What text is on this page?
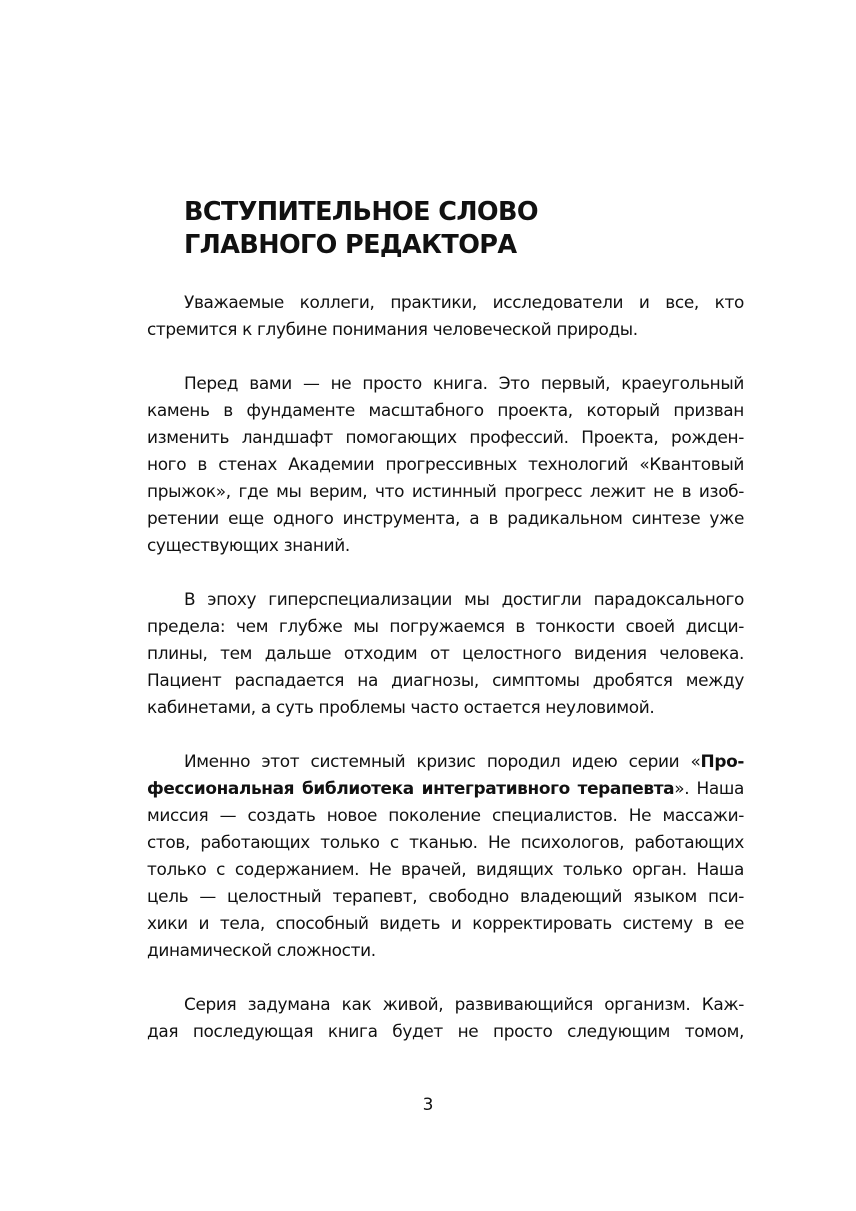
ВСТУПИТЕЛЬНОЕ СЛОВО
ГЛАВНОГО РЕДАКТОРА

Уважаемые коллеги, практики, исследователи и все, кто
стремится к глубине понимания человеческой природы.

Перед вами — не просто книга. Это первый, краеугольный
камень в фундаменте масштабного проекта, который призван
изменить ландшафт помогающих профессий. Проекта, рожден-
ного в стенах Академии прогрессивных технологий «Квантовый
прыжок», где мы верим, что истинный прогресс лежит не в изоб-
ретении еще одного инструмента, а в радикальном синтезе уже
существующих знаний.

В эпоху гиперспециализации мы достигли парадоксального
предела: чем глубже мы погружаемся в тонкости своей дисци-
плины, тем дальше отходим от целостного видения человека.
Пациент распадается на диагнозы, симптомы дробятся между
кабинетами, а суть проблемы часто остается неуловимой.

Именно этот системный кризис породил идею серии «Про-
фессиональная библиотека интегративного терапевта». Наша
миссия — создать новое поколение специалистов. Не массажи-
стов, работающих только с тканью. Не психологов, работающих
только с содержанием. Не врачей, видящих только орган. Наша
цель — целостный терапевт, свободно владеющий языком пси-
хики и тела, способный видеть и корректировать систему в ее
динамической сложности.

Серия задумана как живой, развивающийся организм. Каж-
дая последующая книга будет не просто следующим томом,

3
